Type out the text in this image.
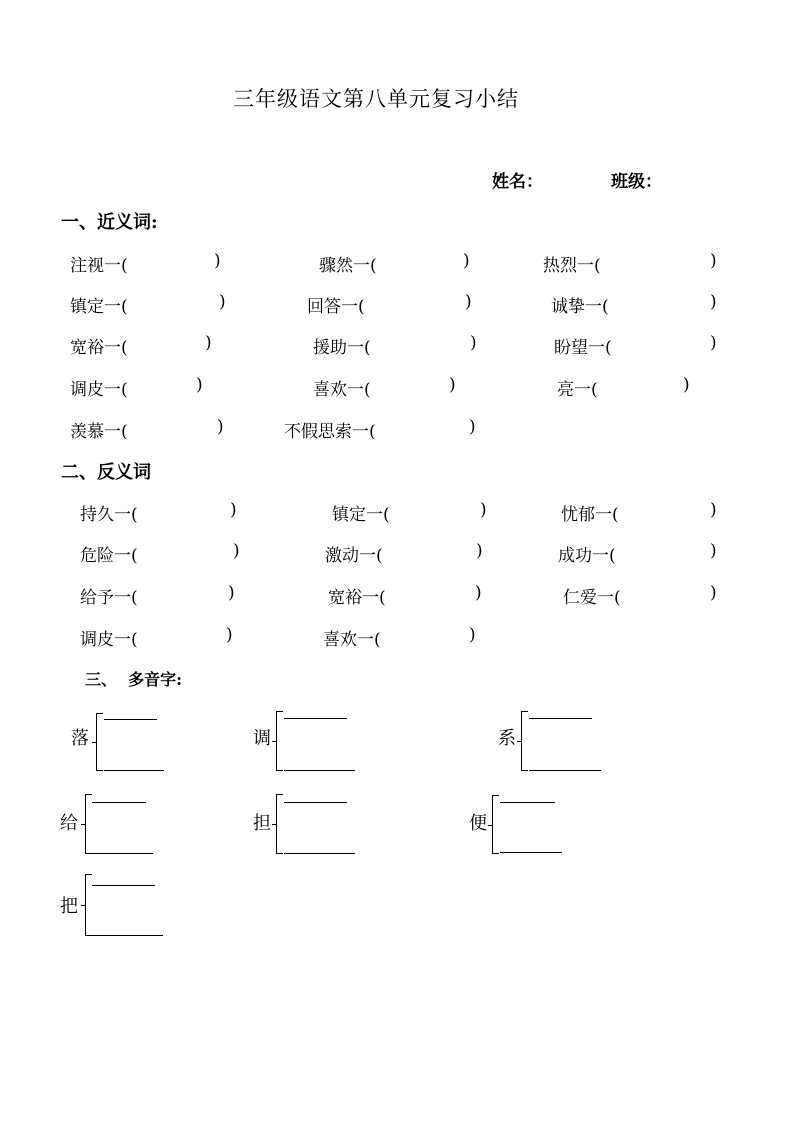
三年级语文第八单元复习小结
姓名：	班级：
一、近义词:
注视一(	)	骤然一(	)	热烈一(	)
镇定一(	)	回答一(	)	诚挚一(	)
宽裕一(	)	援助一(	)	盼望一(	)
调皮一(	)	喜欢一(	)	亮一(	)
羡慕一(	)	不假思索一(	)
二、反义词
持久一(	)	镇定一(	)	忧郁一(	)
危险一(	)	激动一(	)	成功一(	)
给予一(	)	宽裕一(	)	仁爱一(	)
调皮一(	)	喜欢一(	)
三、  多音字:
落	调	系
给	担	便
把
